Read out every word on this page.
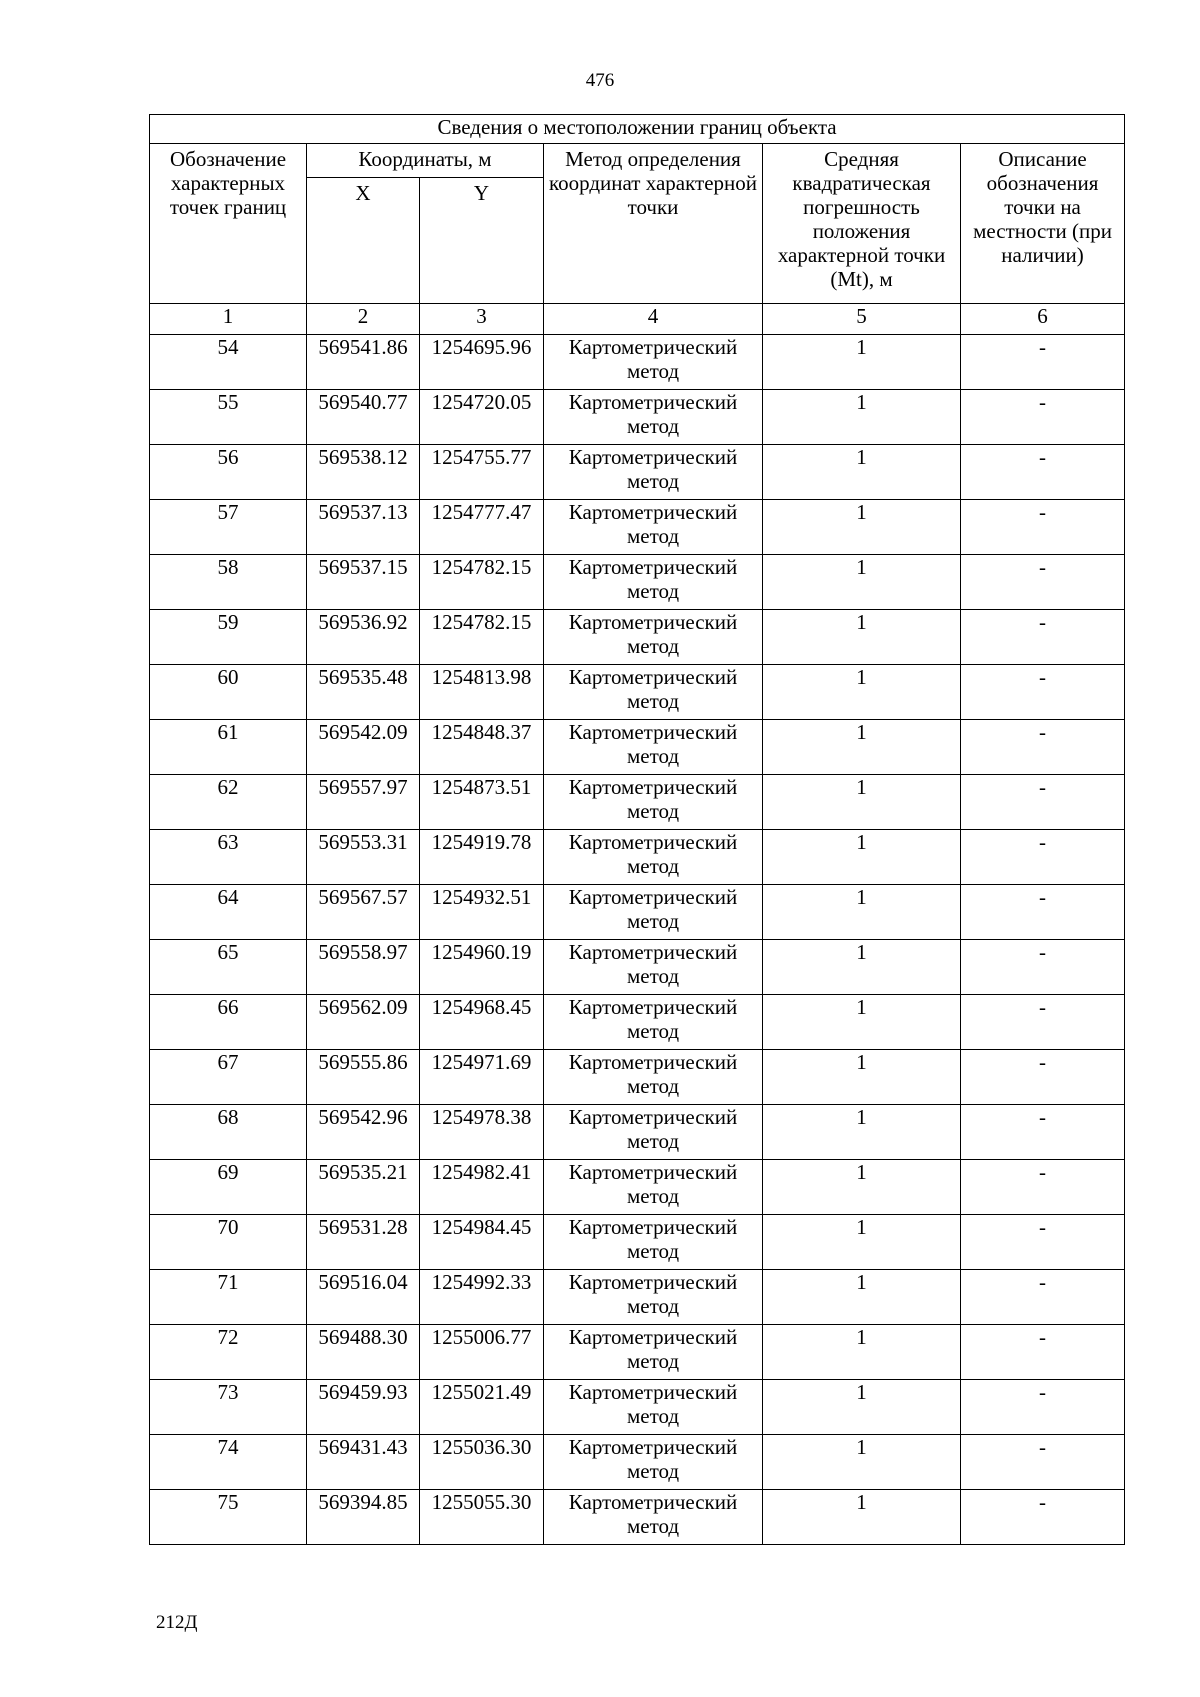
476
Сведения о местоположении границ объекта					
Обозначение характерных точек границ	Координаты, м		Метод определения координат характерной точки	Средняя квадратическая погрешность положения характерной точки (Mt), м	Описание обозначения точки на местности (при наличии)
	X	Y			
1	2	3	4	5	6
54	569541.86	1254695.96	Картометрический метод	1	-
55	569540.77	1254720.05	Картометрический метод	1	-
56	569538.12	1254755.77	Картометрический метод	1	-
57	569537.13	1254777.47	Картометрический метод	1	-
58	569537.15	1254782.15	Картометрический метод	1	-
59	569536.92	1254782.15	Картометрический метод	1	-
60	569535.48	1254813.98	Картометрический метод	1	-
61	569542.09	1254848.37	Картометрический метод	1	-
62	569557.97	1254873.51	Картометрический метод	1	-
63	569553.31	1254919.78	Картометрический метод	1	-
64	569567.57	1254932.51	Картометрический метод	1	-
65	569558.97	1254960.19	Картометрический метод	1	-
66	569562.09	1254968.45	Картометрический метод	1	-
67	569555.86	1254971.69	Картометрический метод	1	-
68	569542.96	1254978.38	Картометрический метод	1	-
69	569535.21	1254982.41	Картометрический метод	1	-
70	569531.28	1254984.45	Картометрический метод	1	-
71	569516.04	1254992.33	Картометрический метод	1	-
72	569488.30	1255006.77	Картометрический метод	1	-
73	569459.93	1255021.49	Картометрический метод	1	-
74	569431.43	1255036.30	Картометрический метод	1	-
75	569394.85	1255055.30	Картометрический метод	1	-
212Д
